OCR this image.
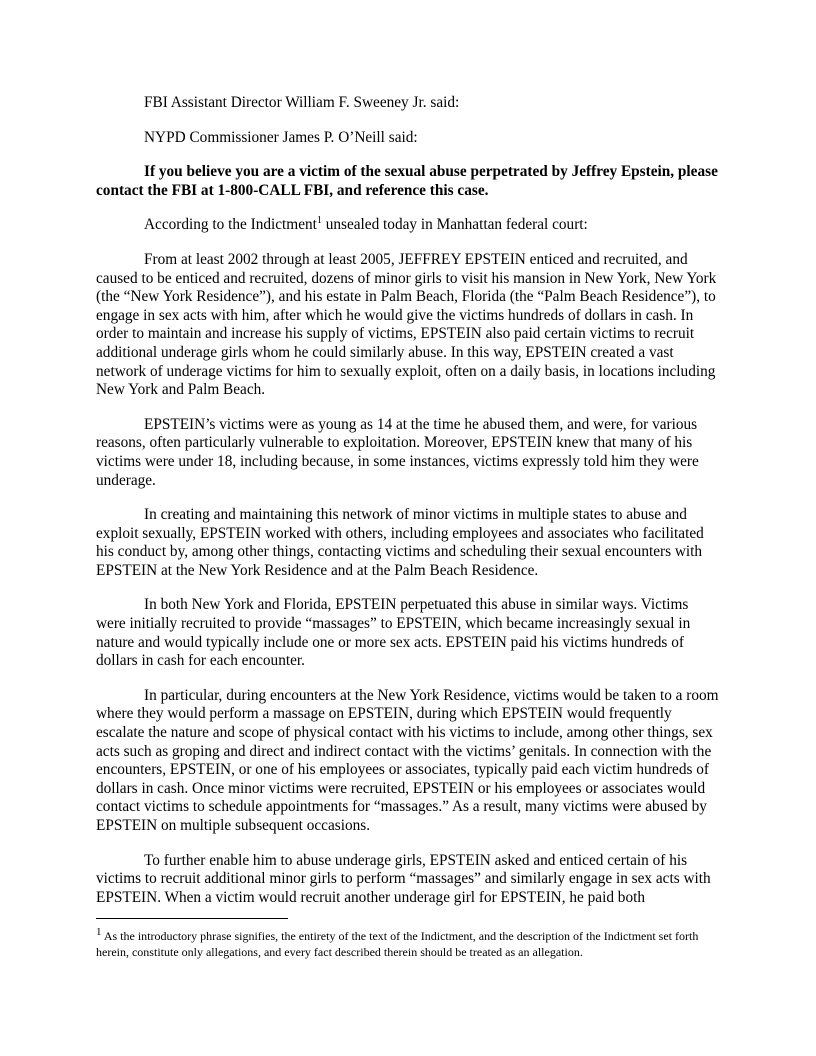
FBI Assistant Director William F. Sweeney Jr. said:

NYPD Commissioner James P. O’Neill said:

If you believe you are a victim of the sexual abuse perpetrated by Jeffrey Epstein, please contact the FBI at 1-800-CALL FBI, and reference this case.

According to the Indictment$^1$ unsealed today in Manhattan federal court:

From at least 2002 through at least 2005, JEFFREY EPSTEIN enticed and recruited, and caused to be enticed and recruited, dozens of minor girls to visit his mansion in New York, New York (the “New York Residence”), and his estate in Palm Beach, Florida (the “Palm Beach Residence”), to engage in sex acts with him, after which he would give the victims hundreds of dollars in cash. In order to maintain and increase his supply of victims, EPSTEIN also paid certain victims to recruit additional underage girls whom he could similarly abuse. In this way, EPSTEIN created a vast network of underage victims for him to sexually exploit, often on a daily basis, in locations including New York and Palm Beach.

EPSTEIN’s victims were as young as 14 at the time he abused them, and were, for various reasons, often particularly vulnerable to exploitation. Moreover, EPSTEIN knew that many of his victims were under 18, including because, in some instances, victims expressly told him they were underage.

In creating and maintaining this network of minor victims in multiple states to abuse and exploit sexually, EPSTEIN worked with others, including employees and associates who facilitated his conduct by, among other things, contacting victims and scheduling their sexual encounters with EPSTEIN at the New York Residence and at the Palm Beach Residence.

In both New York and Florida, EPSTEIN perpetuated this abuse in similar ways. Victims were initially recruited to provide “massages” to EPSTEIN, which became increasingly sexual in nature and would typically include one or more sex acts. EPSTEIN paid his victims hundreds of dollars in cash for each encounter.

In particular, during encounters at the New York Residence, victims would be taken to a room where they would perform a massage on EPSTEIN, during which EPSTEIN would frequently escalate the nature and scope of physical contact with his victims to include, among other things, sex acts such as groping and direct and indirect contact with the victims’ genitals. In connection with the encounters, EPSTEIN, or one of his employees or associates, typically paid each victim hundreds of dollars in cash. Once minor victims were recruited, EPSTEIN or his employees or associates would contact victims to schedule appointments for “massages.” As a result, many victims were abused by EPSTEIN on multiple subsequent occasions.

To further enable him to abuse underage girls, EPSTEIN asked and enticed certain of his victims to recruit additional minor girls to perform “massages” and similarly engage in sex acts with EPSTEIN. When a victim would recruit another underage girl for EPSTEIN, he paid both

1 As the introductory phrase signifies, the entirety of the text of the Indictment, and the description of the Indictment set forth herein, constitute only allegations, and every fact described therein should be treated as an allegation.
